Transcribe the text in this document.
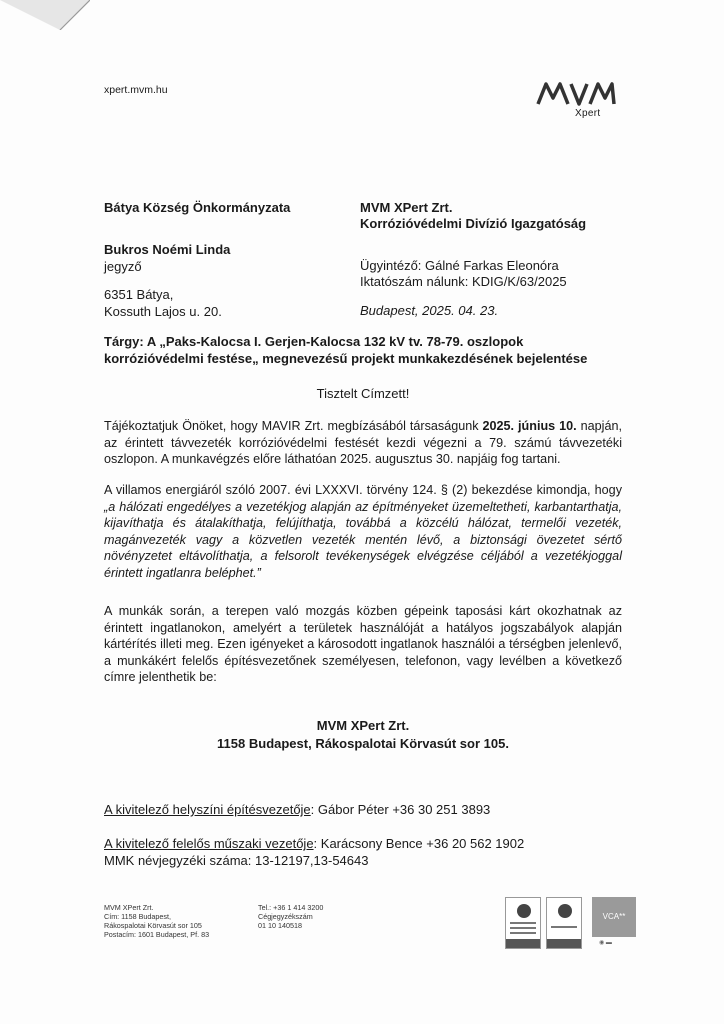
xpert.mvm.hu
Xpert
Bátya Község Önkormányzata
Bukros Noémi Linda
jegyző
6351 Bátya,
Kossuth Lajos u. 20.
MVM XPert Zrt.
Korrózióvédelmi Divízió Igazgatóság
Ügyintéző: Gálné Farkas Eleonóra
Iktatószám nálunk: KDIG/K/63/2025
Budapest, 2025. 04. 23.
Tárgy: A „Paks-Kalocsa I. Gerjen-Kalocsa 132 kV tv. 78-79. oszlopok
korrózióvédelmi festése„ megnevezésű projekt munkakezdésének bejelentése
Tisztelt Címzett!
Tájékoztatjuk Önöket, hogy MAVIR Zrt. megbízásából társaságunk 2025. június 10. napján, az érintett távvezeték korrózióvédelmi festését kezdi végezni a 79. számú távvezetéki oszlopon. A munkavégzés előre láthatóan 2025. augusztus 30. napjáig fog tartani.
A villamos energiáról szóló 2007. évi LXXXVI. törvény 124. § (2) bekezdése kimondja, hogy „a hálózati engedélyes a vezetékjog alapján az építményeket üzemeltetheti, karbantarthatja, kijavíthatja és átalakíthatja, felújíthatja, továbbá a közcélú hálózat, termelői vezeték, magánvezeték vagy a közvetlen vezeték mentén lévő, a biztonsági övezetet sértő növényzetet eltávolíthatja, a felsorolt tevékenységek elvégzése céljából a vezetékjoggal érintett ingatlanra beléphet.”
A munkák során, a terepen való mozgás közben gépeink taposási kárt okozhatnak az érintett ingatlanokon, amelyért a területek használóját a hatályos jogszabályok alapján kártérítés illeti meg. Ezen igényeket a károsodott ingatlanok használói a térségben jelenlevő, a munkákért felelős építésvezetőnek személyesen, telefonon, vagy levélben a következő címre jelenthetik be:
MVM XPert Zrt.
1158 Budapest, Rákospalotai Körvasút sor 105.
A kivitelező helyszíni építésvezetője: Gábor Péter +36 30 251 3893
A kivitelező felelős műszaki vezetője: Karácsony Bence +36 20 562 1902
MMK névjegyzéki száma: 13-12197,13-54643
MVM XPert Zrt.
Cím: 1158 Budapest,
Rákospalotai Körvasút sor 105
Postacím: 1601 Budapest, Pf. 83
Tel.: +36 1 414 3200
Cégjegyzékszám
01 10 140518
VCA**
◉ ▬
